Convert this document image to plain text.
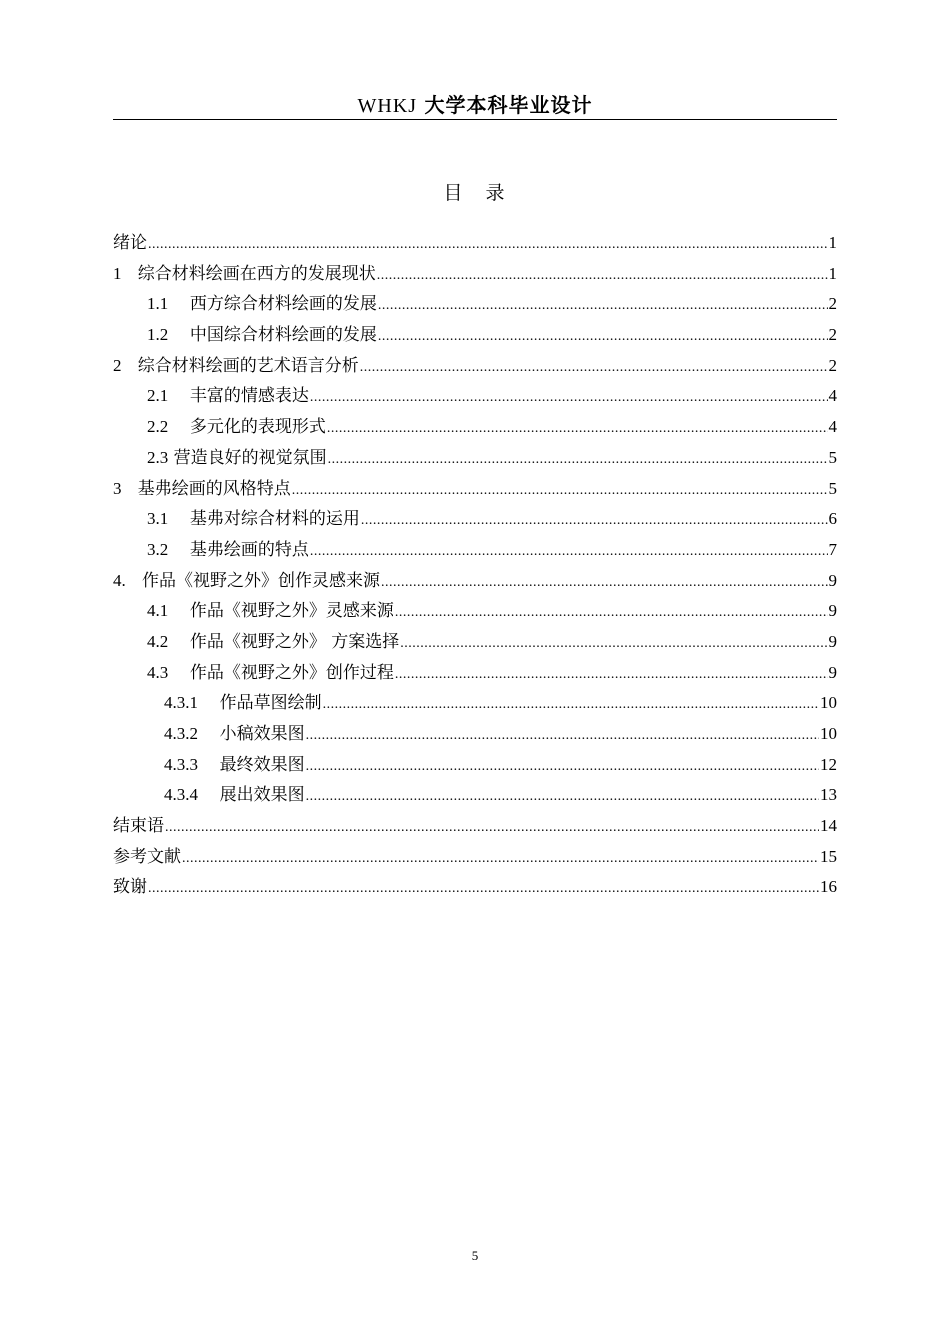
WHKJ 大学本科毕业设计
目　录
绪论 .....	1
1 综合材料绘画在西方的发展现状 .....	1
1.1 西方综合材料绘画的发展 .....	2
1.2 中国综合材料绘画的发展 .....	2
2 综合材料绘画的艺术语言分析 .....	2
2.1 丰富的情感表达 .....	4
2.2 多元化的表现形式 .....	4
2.3 营造良好的视觉氛围 .....	5
3 基弗绘画的风格特点 .....	5
3.1 基弗对综合材料的运用 .....	6
3.2 基弗绘画的特点 .....	7
4. 作品《视野之外》创作灵感来源 .....	9
4.1 作品《视野之外》灵感来源 .....	9
4.2 作品《视野之外》 方案选择 .....	9
4.3 作品《视野之外》创作过程 .....	9
4.3.1 作品草图绘制 .....	10
4.3.2 小稿效果图 .....	10
4.3.3 最终效果图 .....	12
4.3.4 展出效果图 .....	13
结束语 .....	14
参考文献 .....	15
致谢 .....	16
5
